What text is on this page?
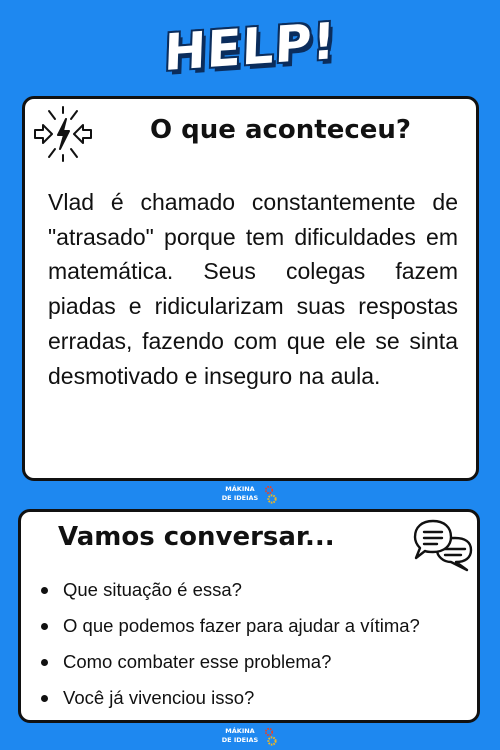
HELP!
O que aconteceu?

Vlad é chamado constantemente de "atrasado" porque tem dificuldades em matemática. Seus colegas fazem piadas e ridicularizam suas respostas erradas, fazendo com que ele se sinta desmotivado e inseguro na aula.

MÁKINA
DE IDEIAS
Vamos conversar...
Que situação é essa?
O que podemos fazer para ajudar a vítima?
Como combater esse problema?
Você já vivenciou isso?
MÁKINA
DE IDEIAS
